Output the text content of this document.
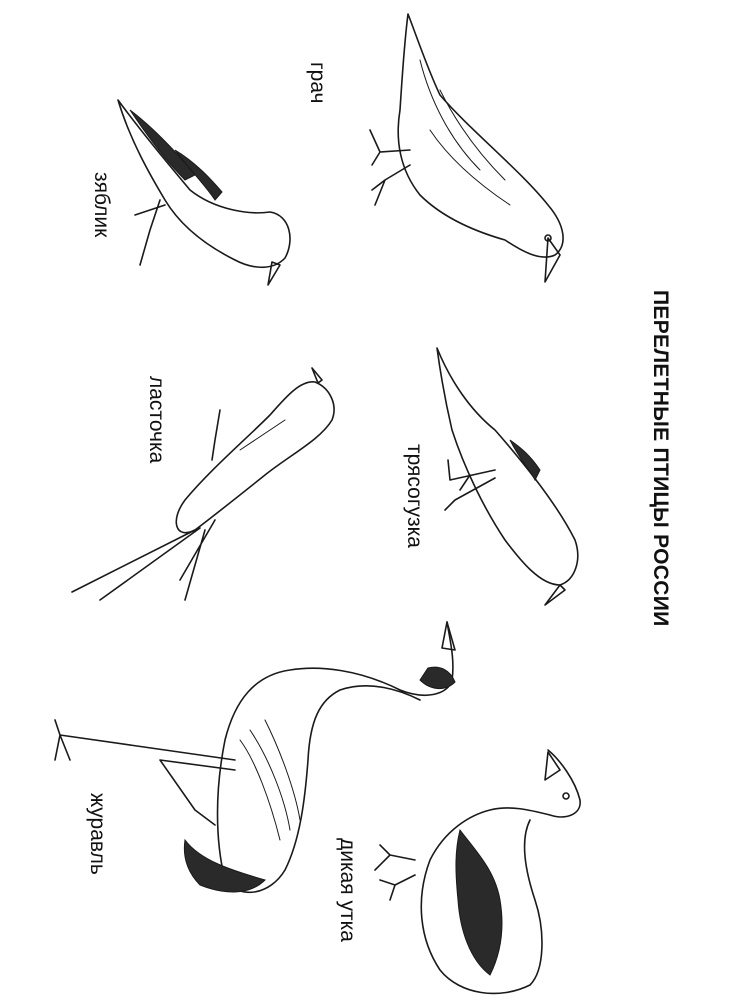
ПЕРЕЛЕТНЫЕ ПТИЦЫ РОССИИ
грач
зяблик
ласточка
трясогузка
журавль
дикая утка
